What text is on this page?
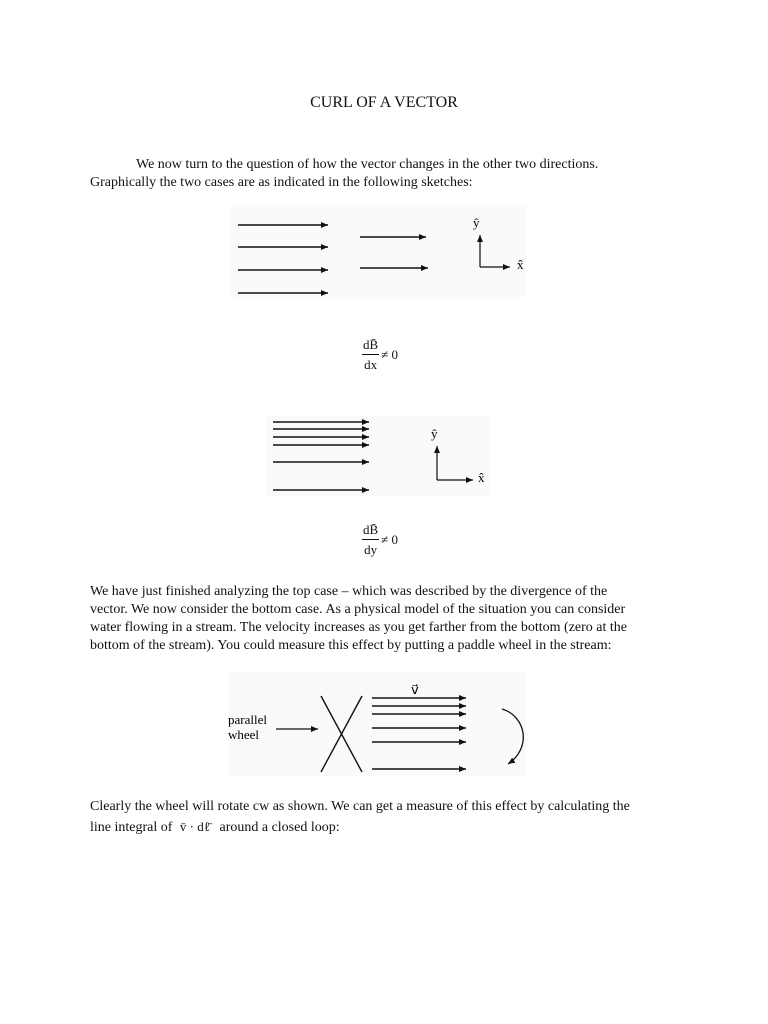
CURL OF A VECTOR
We now turn to the question of how the vector changes in the other two directions.
Graphically the two cases are as indicated in the following sketches:
ŷ
x̂
$\frac{dB̄}{dx} \ne 0$
ŷ
x̂
$\frac{dB̄}{dy} \ne 0$
We have just finished analyzing the top case – which was described by the divergence of the
vector. We now consider the bottom case. As a physical model of the situation you can consider
water flowing in a stream. The velocity increases as you get farther from the bottom (zero at the
bottom of the stream). You could measure this effect by putting a paddle wheel in the stream:
parallel
wheel
v⃗
Clearly the wheel will rotate cw as shown. We can get a measure of this effect by calculating the
line integral of v̄ · dℓ̄ around a closed loop:
